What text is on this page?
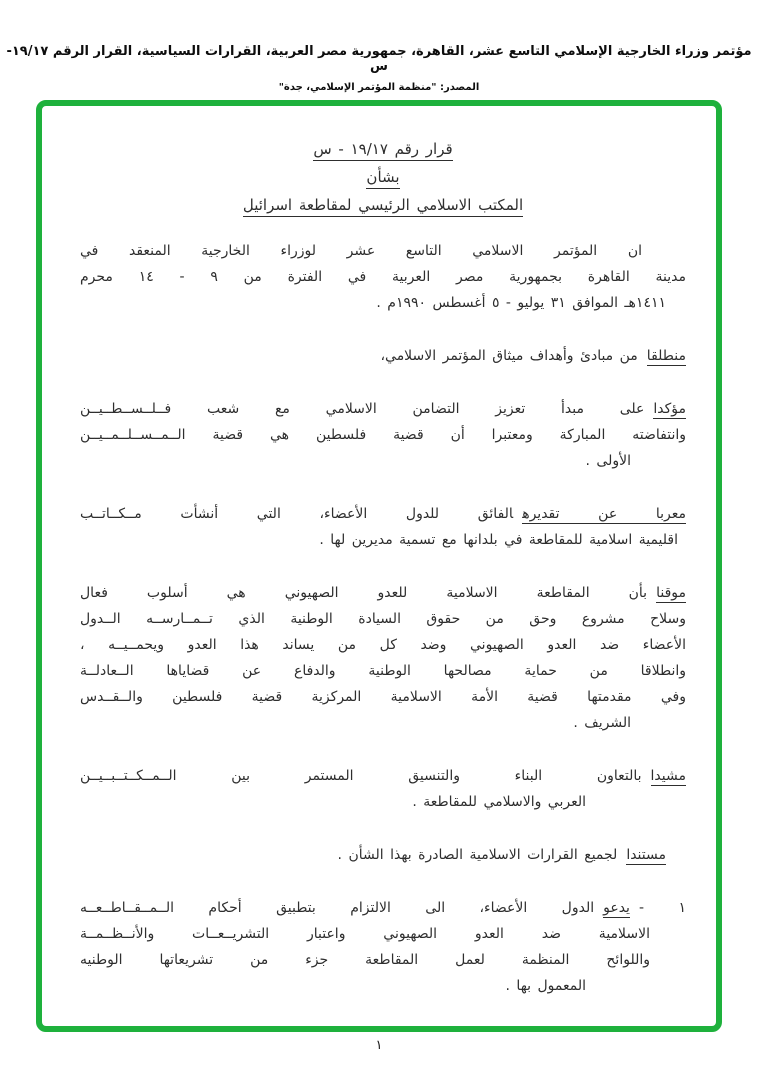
مؤتمر وزراء الخارجية الإسلامي التاسع عشر، القاهرة، جمهورية مصر العربية، القرارات السياسية، القرار الرقم ١٩/١٧-س
المصدر: "منظمة المؤتمر الإسلامي، جدة"
قرار رقم ١٩/١٧ - س
بشأن
المكتب الاسلامي الرئيسي لمقاطعة اسرائيل
ان المؤتمر الاسلامي التاسع عشر لوزراء الخارجية المنعقد في
مدينة القاهرة بجمهورية مصر العربية في الفترة من ٩ - ١٤ محرم
١٤١١هـ الموافق ٣١ يوليو - ٥ أغسطس ١٩٩٠م .
منطلقامن مبادئ وأهداف ميثاق المؤتمر الاسلامي،
مؤكداعلى مبدأ تعزيز التضامن الاسلامي مع شعب فــلــســطــيــن
وانتفاضته المباركة ومعتبرا أن قضية فلسطين هي قضية الــمــســلــمــيــن
الأولى .
معربا عن تقديرهالفائق للدول الأعضاء، التي أنشأت مــكــاتــب
اقليمية اسلامية للمقاطعة في بلدانها مع تسمية مديرين لها .
موقنابأن المقاطعة الاسلامية للعدو الصهيوني هي أسلوب فعال
وسلاح مشروع وحق من حقوق السيادة الوطنية الذي تــمــارســه الــدول
الأعضاء ضد العدو الصهيوني وضد كل من يساند هذا العدو ويحمــيــه ،
وانطلاقا من حماية مصالحها الوطنية والدفاع عن قضاياها الــعادلــة
وفي مقدمتها قضية الأمة الاسلامية المركزية قضية فلسطين والــقــدس
الشريف .
مشيدابالتعاون البناء والتنسيق المستمر بين الــمــكــتــبــيــن
العربي والاسلامي للمقاطعة .
مستندالجميع القرارات الاسلامية الصادرة بهذا الشأن .
١ -يدعوالدول الأعضاء، الى الالتزام بتطبيق أحكام الــمــقــاطــعــه
الاسلامية ضد العدو الصهيوني واعتبار التشريــعــات والأنــظــمــة
واللوائح المنظمة لعمل المقاطعة جزء من تشريعاتها الوطنيه
المعمول بها .
١
